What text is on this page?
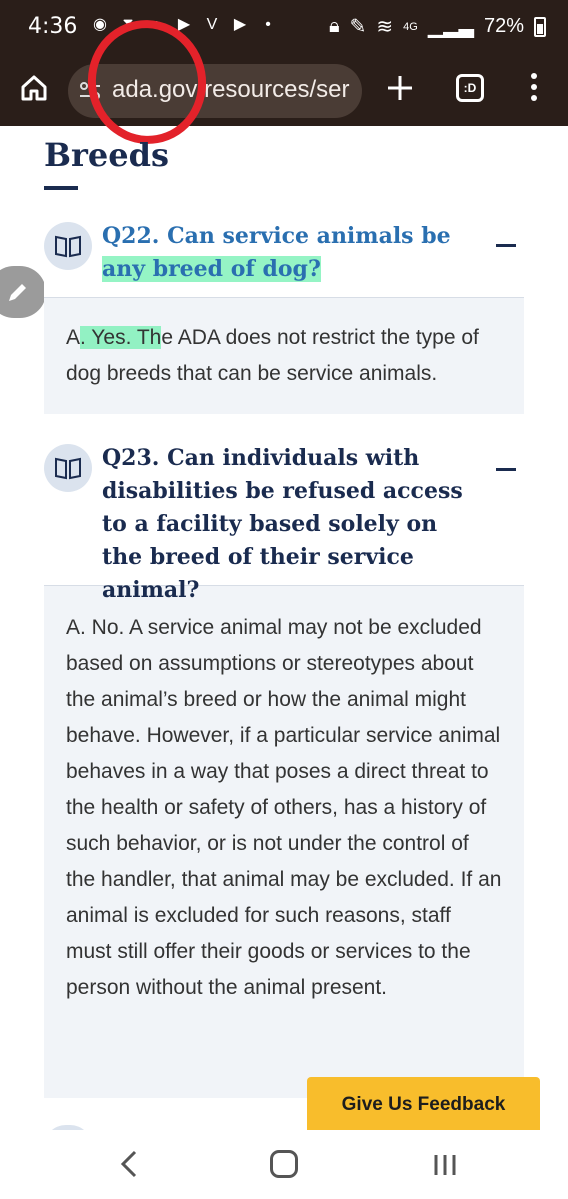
4:36 ◉ ⧗	◔	▶ V ▶	•	🔒︎ ✎ ≋ 4G ▁▂▃ 72%
ada.gov/resources/ser	:D
Breeds
Q22. Can service animals be any breed of dog?
A. Yes. The ADA does not restrict the type of dog breeds that can be service animals.
Q23. Can individuals with disabilities be refused access to a facility based solely on the breed of their service animal?
A. No. A service animal may not be excluded based on assumptions or stereotypes about the animal’s breed or how the animal might behave. However, if a particular service animal behaves in a way that poses a direct threat to the health or safety of others, has a history of such behavior, or is not under the control of the handler, that animal may be excluded. If an animal is excluded for such reasons, staff must still offer their goods or services to the person without the animal present.
Give Us Feedback
